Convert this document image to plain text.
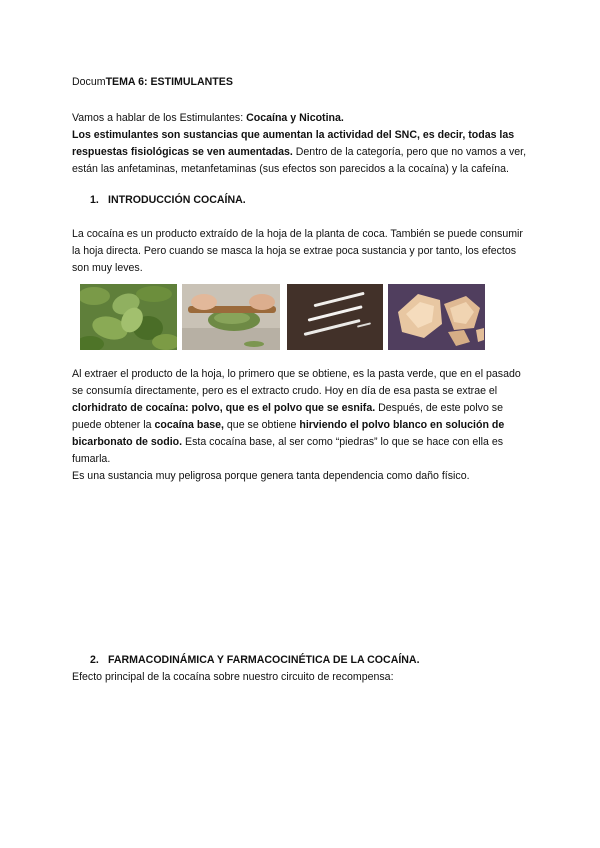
DocumTEMA 6: ESTIMULANTES
Vamos a hablar de los Estimulantes: Cocaína y Nicotina.
Los estimulantes son sustancias que aumentan la actividad del SNC, es decir, todas las respuestas fisiológicas se ven aumentadas. Dentro de la categoría, pero que no vamos a ver, están las anfetaminas, metanfetaminas (sus efectos son parecidos a la cocaína) y la cafeína.
1. INTRODUCCIÓN COCAÍNA.
La cocaína es un producto extraído de la hoja de la planta de coca. También se puede consumir la hoja directa. Pero cuando se masca la hoja se extrae poca sustancia y por tanto, los efectos son muy leves.
Al extraer el producto de la hoja, lo primero que se obtiene, es la pasta verde, que en el pasado se consumía directamente, pero es el extracto crudo. Hoy en día de esa pasta se extrae el clorhidrato de cocaína: polvo, que es el polvo que se esnifa. Después, de este polvo se puede obtener la cocaína base, que se obtiene hirviendo el polvo blanco en solución de bicarbonato de sodio. Esta cocaína base, al ser como “piedras” lo que se hace con ella es fumarla.
Es una sustancia muy peligrosa porque genera tanta dependencia como daño físico.
2. FARMACODINÁMICA Y FARMACOCINÉTICA DE LA COCAÍNA.
Efecto principal de la cocaína sobre nuestro circuito de recompensa:
